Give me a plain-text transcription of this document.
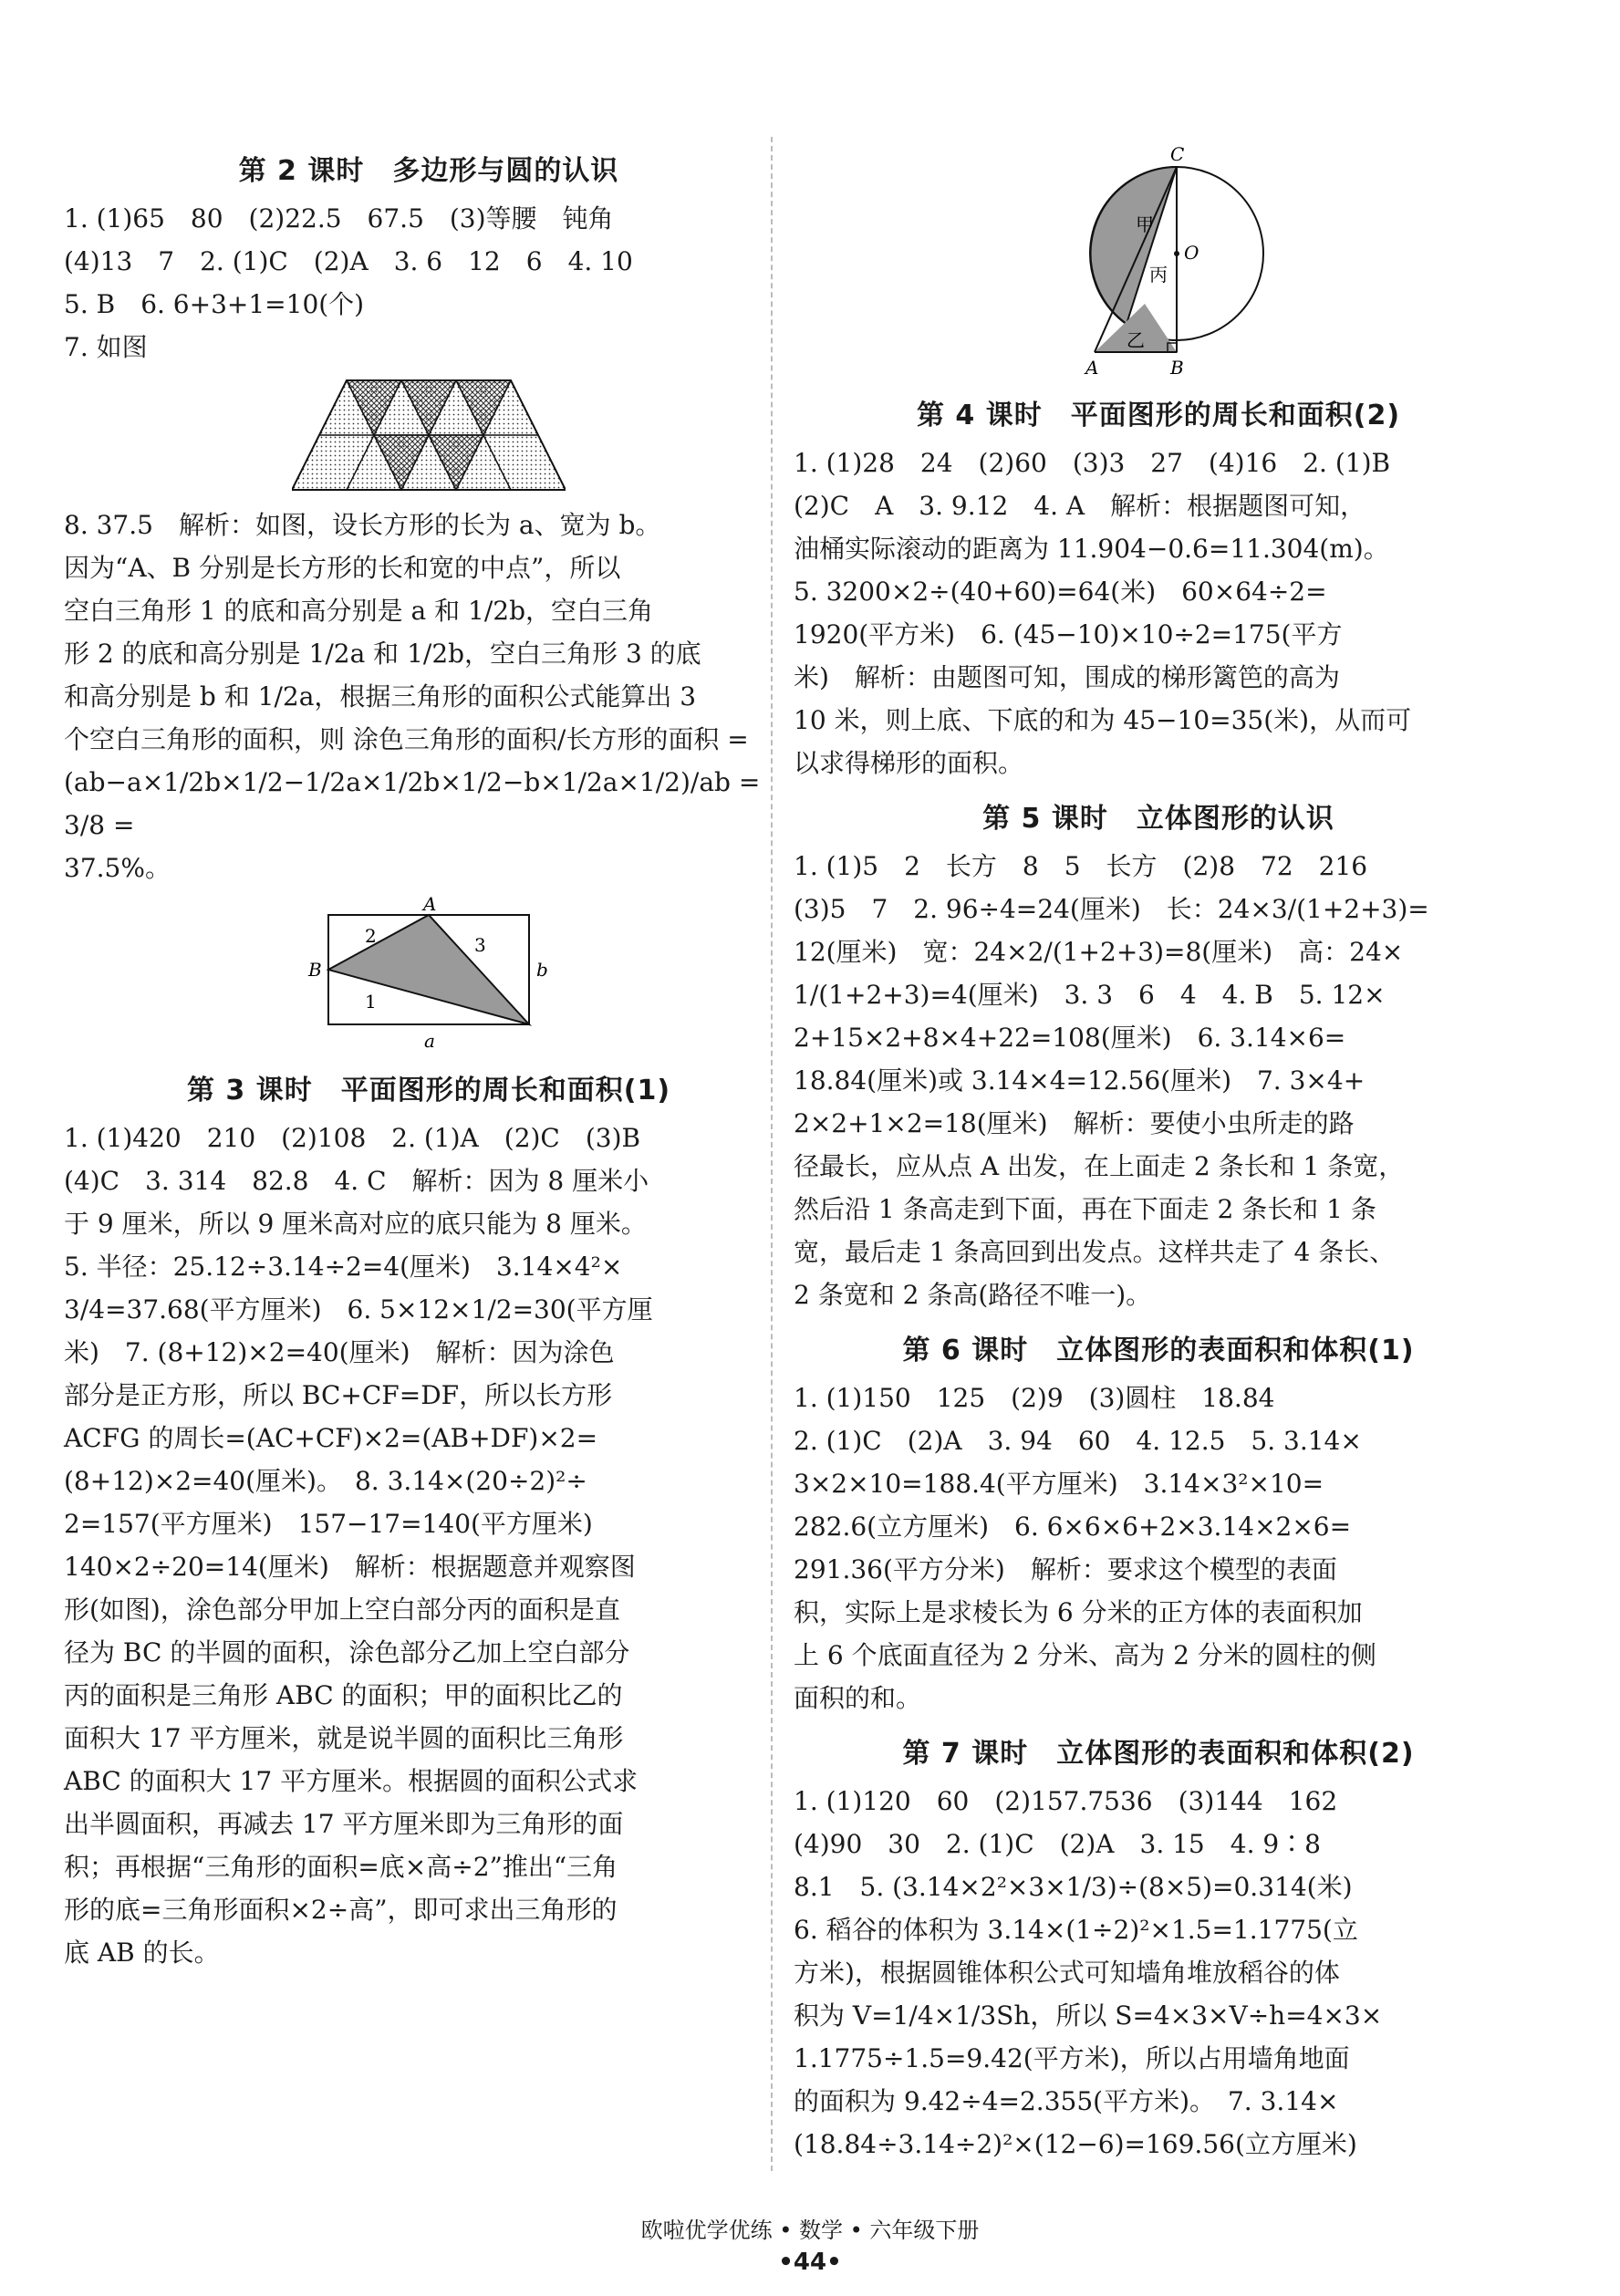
第 2 课时　多边形与圆的认识

1. (1)65　80　(2)22.5　67.5　(3)等腰　钝角

(4)13　7　2. (1)C　(2)A　3. 6　12　6　4. 10

5. B　6. 6+3+1=10(个)

7. 如图

8. 37.5　解析：如图，设长方形的长为 a、宽为 b。

因为“A、B 分别是长方形的长和宽的中点”，所以

空白三角形 1 的底和高分别是 a 和 1/2b，空白三角

形 2 的底和高分别是 1/2a 和 1/2b，空白三角形 3 的底

和高分别是 b 和 1/2a，根据三角形的面积公式能算出 3

个空白三角形的面积，则 涂色三角形的面积/长方形的面积 =

(ab−a×1/2b×1/2−1/2a×1/2b×1/2−b×1/2a×1/2)/ab = 3/8 =

37.5%。

A
B	b
a
1
2	3
第 3 课时　平面图形的周长和面积(1)

1. (1)420　210　(2)108　2. (1)A　(2)C　(3)B

(4)C　3. 314　82.8　4. C　解析：因为 8 厘米小

于 9 厘米，所以 9 厘米高对应的底只能为 8 厘米。

5. 半径：25.12÷3.14÷2=4(厘米)　3.14×4²×

3/4=37.68(平方厘米)　6. 5×12×1/2=30(平方厘

米)　7. (8+12)×2=40(厘米)　解析：因为涂色

部分是正方形，所以 BC+CF=DF，所以长方形

ACFG 的周长=(AC+CF)×2=(AB+DF)×2=

(8+12)×2=40(厘米)。　8. 3.14×(20÷2)²÷

2=157(平方厘米)　157−17=140(平方厘米)

140×2÷20=14(厘米)　解析：根据题意并观察图

形(如图)，涂色部分甲加上空白部分丙的面积是直

径为 BC 的半圆的面积，涂色部分乙加上空白部分

丙的面积是三角形 ABC 的面积；甲的面积比乙的

面积大 17 平方厘米，就是说半圆的面积比三角形

ABC 的面积大 17 平方厘米。根据圆的面积公式求

出半圆面积，再减去 17 平方厘米即为三角形的面

积；再根据“三角形的面积=底×高÷2”推出“三角

形的底=三角形面积×2÷高”，即可求出三角形的

底 AB 的长。

C
甲
O
丙
乙
A	B
第 4 课时　平面图形的周长和面积(2)

1. (1)28　24　(2)60　(3)3　27　(4)16　2. (1)B

(2)C　A　3. 9.12　4. A　解析：根据题图可知，

油桶实际滚动的距离为 11.904−0.6=11.304(m)。

5. 3200×2÷(40+60)=64(米)　60×64÷2=

1920(平方米)　6. (45−10)×10÷2=175(平方

米)　解析：由题图可知，围成的梯形篱笆的高为

10 米，则上底、下底的和为 45−10=35(米)，从而可

以求得梯形的面积。

第 5 课时　立体图形的认识

1. (1)5　2　长方　8　5　长方　(2)8　72　216

(3)5　7　2. 96÷4=24(厘米)　长：24×3/(1+2+3)=

12(厘米)　宽：24×2/(1+2+3)=8(厘米)　高：24×

1/(1+2+3)=4(厘米)　3. 3　6　4　4. B　5. 12×

2+15×2+8×4+22=108(厘米)　6. 3.14×6=

18.84(厘米)或 3.14×4=12.56(厘米)　7. 3×4+

2×2+1×2=18(厘米)　解析：要使小虫所走的路

径最长，应从点 A 出发，在上面走 2 条长和 1 条宽，

然后沿 1 条高走到下面，再在下面走 2 条长和 1 条

宽，最后走 1 条高回到出发点。这样共走了 4 条长、

2 条宽和 2 条高(路径不唯一)。

第 6 课时　立体图形的表面积和体积(1)

1. (1)150　125　(2)9　(3)圆柱　18.84

2. (1)C　(2)A　3. 94　60　4. 12.5　5. 3.14×

3×2×10=188.4(平方厘米)　3.14×3²×10=

282.6(立方厘米)　6. 6×6×6+2×3.14×2×6=

291.36(平方分米)　解析：要求这个模型的表面

积，实际上是求棱长为 6 分米的正方体的表面积加

上 6 个底面直径为 2 分米、高为 2 分米的圆柱的侧

面积的和。

第 7 课时　立体图形的表面积和体积(2)

1. (1)120　60　(2)157.7536　(3)144　162

(4)90　30　2. (1)C　(2)A　3. 15　4. 9∶8

8.1　5. (3.14×2²×3×1/3)÷(8×5)=0.314(米)

6. 稻谷的体积为 3.14×(1÷2)²×1.5=1.1775(立

方米)，根据圆锥体积公式可知墙角堆放稻谷的体

积为 V=1/4×1/3Sh，所以 S=4×3×V÷h=4×3×

1.1775÷1.5=9.42(平方米)，所以占用墙角地面

的面积为 9.42÷4=2.355(平方米)。　7. 3.14×

(18.84÷3.14÷2)²×(12−6)=169.56(立方厘米)

欧啦优学优练 • 数学 • 六年级下册
•44•
